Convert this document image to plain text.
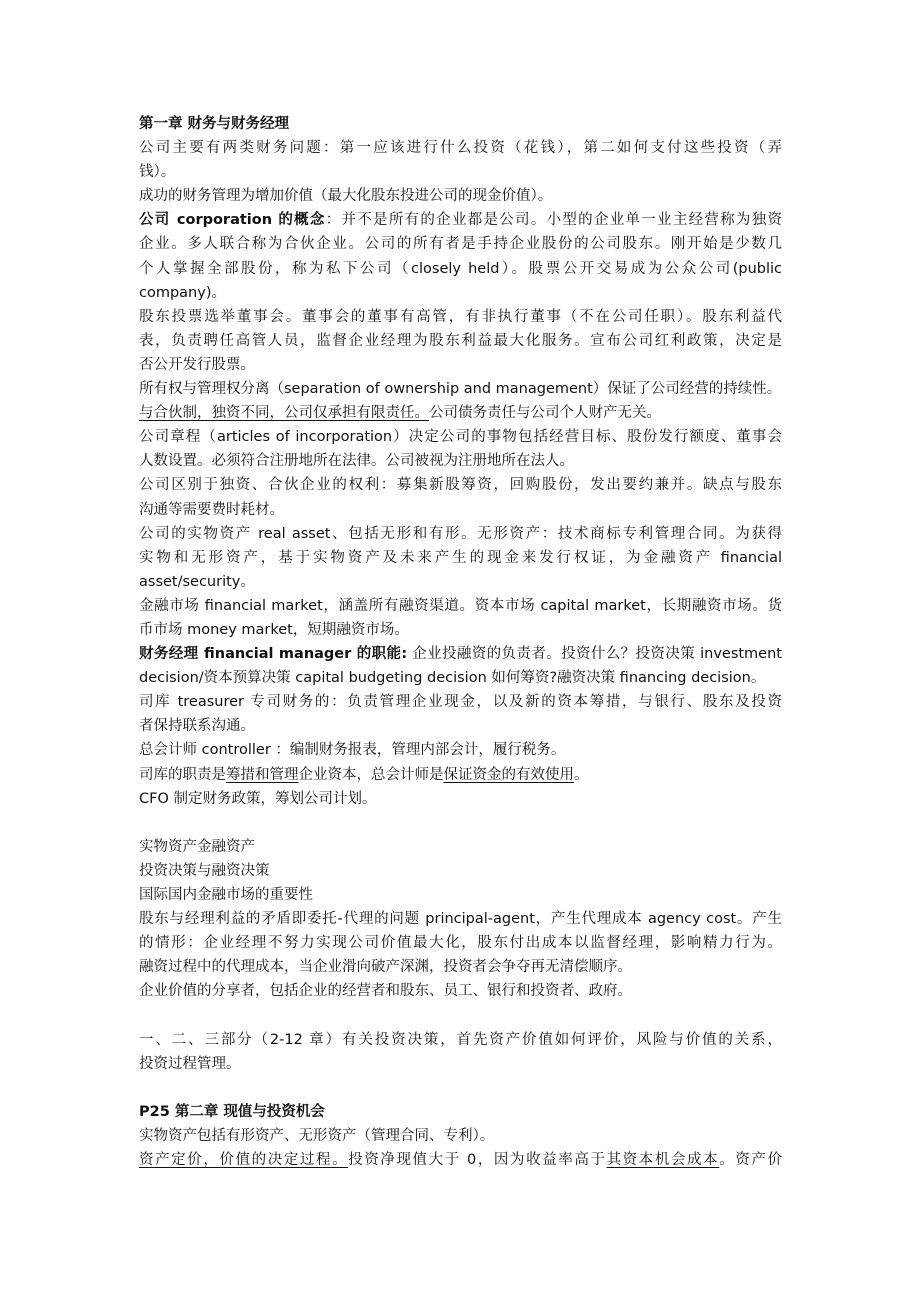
第一章 财务与财务经理
公司主要有两类财务问题：第一应该进行什么投资（花钱），第二如何支付这些投资（弄
钱）。
成功的财务管理为增加价值（最大化股东投进公司的现金价值）。
公司 corporation 的概念：并不是所有的企业都是公司。小型的企业单一业主经营称为独资
企业。多人联合称为合伙企业。公司的所有者是手持企业股份的公司股东。刚开始是少数几
个人掌握全部股份，称为私下公司（closely held）。股票公开交易成为公众公司(public
company)。
股东投票选举董事会。董事会的董事有高管，有非执行董事（不在公司任职）。股东利益代
表，负责聘任高管人员，监督企业经理为股东利益最大化服务。宣布公司红利政策，决定是
否公开发行股票。
所有权与管理权分离（separation of ownership and management）保证了公司经营的持续性。
与合伙制，独资不同，公司仅承担有限责任。公司债务责任与公司个人财产无关。
公司章程（articles of incorporation）决定公司的事物包括经营目标、股份发行额度、董事会
人数设置。必须符合注册地所在法律。公司被视为注册地所在法人。
公司区别于独资、合伙企业的权利：募集新股筹资，回购股份，发出要约兼并。缺点与股东
沟通等需要费时耗材。
公司的实物资产 real asset、包括无形和有形。无形资产：技术商标专利管理合同。为获得
实物和无形资产，基于实物资产及未来产生的现金来发行权证，为金融资产 financial
asset/security。
金融市场 financial market，涵盖所有融资渠道。资本市场 capital market，长期融资市场。货
币市场 money market，短期融资市场。
财务经理 financial manager 的职能: 企业投融资的负责者。投资什么？投资决策 investment
decision/资本预算决策 capital budgeting decision 如何筹资?融资决策 financing decision。
司库 treasurer 专司财务的：负责管理企业现金，以及新的资本筹措，与银行、股东及投资
者保持联系沟通。
总会计师 controller ：编制财务报表，管理内部会计，履行税务。
司库的职责是筹措和管理企业资本，总会计师是保证资金的有效使用。
CFO 制定财务政策，筹划公司计划。
实物资产金融资产
投资决策与融资决策
国际国内金融市场的重要性
股东与经理利益的矛盾即委托-代理的问题 principal-agent，产生代理成本 agency cost。产生
的情形：企业经理不努力实现公司价值最大化，股东付出成本以监督经理，影响精力行为。
融资过程中的代理成本，当企业滑向破产深渊，投资者会争夺再无清偿顺序。
企业价值的分享者，包括企业的经营者和股东、员工、银行和投资者、政府。
一、二、三部分（2-12 章）有关投资决策，首先资产价值如何评价，风险与价值的关系，
投资过程管理。
P25 第二章 现值与投资机会
实物资产包括有形资产、无形资产（管理合同、专利）。
资产定价，价值的决定过程。投资净现值大于 0，因为收益率高于其资本机会成本。资产价
